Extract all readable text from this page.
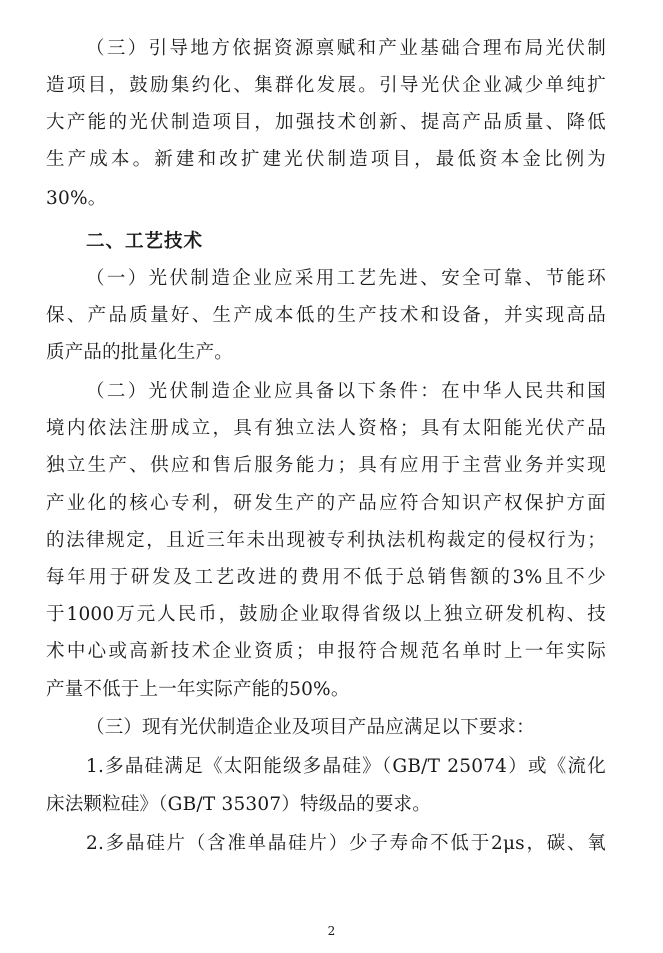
（三）引导地方依据资源禀赋和产业基础合理布局光伏制
造项目，鼓励集约化、集群化发展。引导光伏企业减少单纯扩
大产能的光伏制造项目，加强技术创新、提高产品质量、降低
生产成本。新建和改扩建光伏制造项目，最低资本金比例为
30%。
二、工艺技术
（一）光伏制造企业应采用工艺先进、安全可靠、节能环
保、产品质量好、生产成本低的生产技术和设备，并实现高品
质产品的批量化生产。
（二）光伏制造企业应具备以下条件：在中华人民共和国
境内依法注册成立，具有独立法人资格；具有太阳能光伏产品
独立生产、供应和售后服务能力；具有应用于主营业务并实现
产业化的核心专利，研发生产的产品应符合知识产权保护方面
的法律规定，且近三年未出现被专利执法机构裁定的侵权行为；
每年用于研发及工艺改进的费用不低于总销售额的3%且不少
于1000万元人民币，鼓励企业取得省级以上独立研发机构、技
术中心或高新技术企业资质；申报符合规范名单时上一年实际
产量不低于上一年实际产能的50%。
（三）现有光伏制造企业及项目产品应满足以下要求：
1.多晶硅满足《太阳能级多晶硅》（GB/T 25074）或《流化
床法颗粒硅》（GB/T 35307）特级品的要求。
2.多晶硅片（含准单晶硅片）少子寿命不低于2μs，碳、氧
2
